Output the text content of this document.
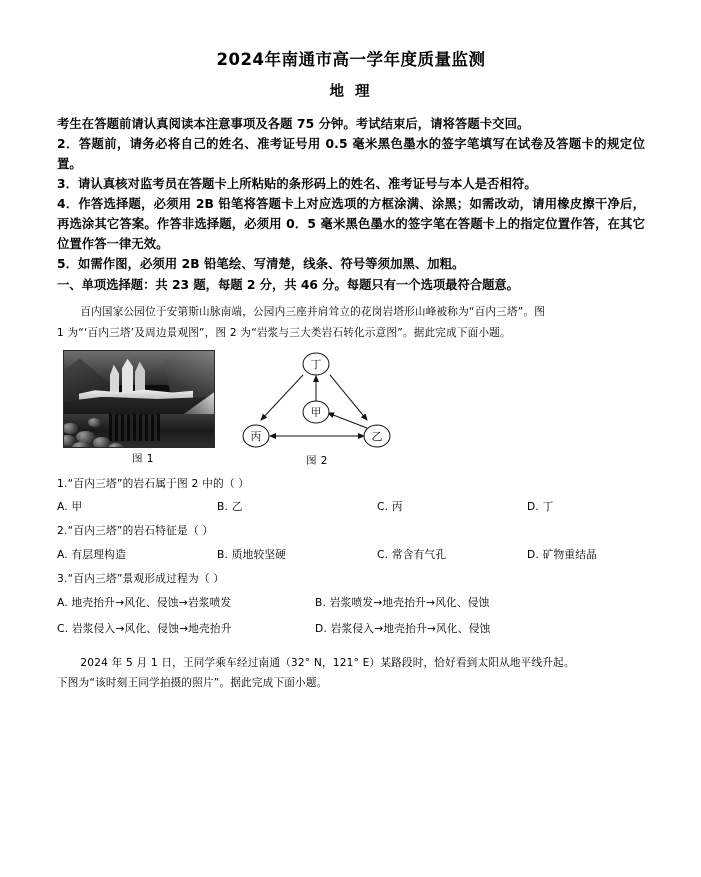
2024年南通市高一学年度质量监测
地 理

考生在答题前请认真阅读本注意事项及各题 75 分钟。考试结束后，请将答题卡交回。

2．答题前，请务必将自己的姓名、准考证号用 0.5 毫米黑色墨水的签字笔填写在试卷及答题卡的规定位置。

3．请认真核对监考员在答题卡上所粘贴的条形码上的姓名、准考证号与本人是否相符。

4．作答选择题，必须用 2B 铅笔将答题卡上对应选项的方框涂满、涂黑；如需改动，请用橡皮擦干净后，再选涂其它答案。作答非选择题，必须用 0．5 毫米黑色墨水的签字笔在答题卡上的指定位置作答，在其它位置作答一律无效。

5．如需作图，必须用 2B 铅笔绘、写清楚，线条、符号等须加黑、加粗。

一、单项选择题：共 23 题，每题 2 分，共 46 分。每题只有一个选项最符合题意。

百内国家公园位于安第斯山脉南端，公园内三座并肩耸立的花岗岩塔形山峰被称为“百内三塔”。图

1 为“‘百内三塔’及周边景观图”，图 2 为“岩浆与三大类岩石转化示意图”。据此完成下面小题。

图 1
丁
甲
丙	乙
图 2
1.“百内三塔”的岩石属于图 2 中的（ ）
A. 甲	B. 乙	C. 丙	D. 丁
2.“百内三塔”的岩石特征是（ ）
A. 有层理构造	B. 质地较坚硬	C. 常含有气孔	D. 矿物重结晶
3.“百内三塔”景观形成过程为（ ）
A. 地壳抬升→风化、侵蚀→岩浆喷发	B. 岩浆喷发→地壳抬升→风化、侵蚀
C. 岩浆侵入→风化、侵蚀→地壳抬升	D. 岩浆侵入→地壳抬升→风化、侵蚀

2024 年 5 月 1 日，王同学乘车经过南通（32° N，121° E）某路段时，恰好看到太阳从地平线升起。

下图为“该时刻王同学拍摄的照片”。据此完成下面小题。
